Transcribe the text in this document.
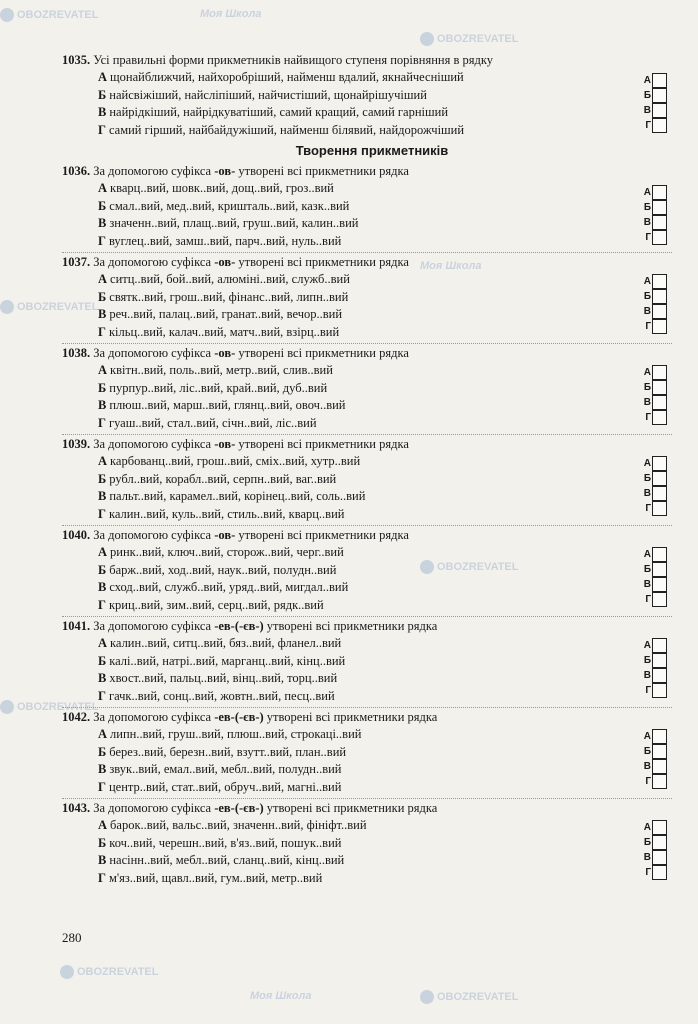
OBOZREVATEL	Моя Школа
OBOZREVATEL
OBOZREVATEL
Моя Школа
OBOZREVATEL
OBOZREVATEL
OBOZREVATEL
Моя Школа	OBOZREVATEL
1035. Усі правильні форми прикметників найвищого ступеня порівняння в рядку
А
Б
В
Г
А щонайближчий, найхоробріший, найменш вдалий, якнайчесніший
Б найсвіжіший, найсліпіший, найчистіший, щонайрішучіший
В найрідкіший, найрідкуватіший, самий кращий, самий гарніший
Г самий гірший, найбайдужіший, найменш білявий, найдорожчіший
Творення прикметників
1036. За допомогою суфікса -ов- утворені всі прикметники рядка
А
Б
В
Г
А кварц..вий, шовк..вий, дощ..вий, гроз..вий
Б смал..вий, мед..вий, кришталь..вий, казк..вий
В значенн..вий, плащ..вий, груш..вий, калин..вий
Г вуглец..вий, замш..вий, парч..вий, нуль..вий
1037. За допомогою суфікса -ов- утворені всі прикметники рядка
А
Б
В
Г
А ситц..вий, бой..вий, алюміні..вий, служб..вий
Б святк..вий, грош..вий, фінанс..вий, липн..вий
В реч..вий, палац..вий, гранат..вий, вечор..вий
Г кільц..вий, калач..вий, матч..вий, взірц..вий
1038. За допомогою суфікса -ов- утворені всі прикметники рядка
А
Б
В
Г
А квітн..вий, поль..вий, метр..вий, слив..вий
Б пурпур..вий, ліс..вий, край..вий, дуб..вий
В плюш..вий, марш..вий, глянц..вий, овоч..вий
Г гуаш..вий, стал..вий, січн..вий, ліс..вий
1039. За допомогою суфікса -ов- утворені всі прикметники рядка
А
Б
В
Г
А карбованц..вий, грош..вий, сміх..вий, хутр..вий
Б рубл..вий, корабл..вий, серпн..вий, ваг..вий
В пальт..вий, карамел..вий, корінец..вий, соль..вий
Г калин..вий, куль..вий, стиль..вий, кварц..вий
1040. За допомогою суфікса -ов- утворені всі прикметники рядка
А
Б
В
Г
А ринк..вий, ключ..вий, сторож..вий, черг..вий
Б барж..вий, ход..вий, наук..вий, полудн..вий
В сход..вий, служб..вий, уряд..вий, мигдал..вий
Г криц..вий, зим..вий, серц..вий, рядк..вий
1041. За допомогою суфікса -ев-(-єв-) утворені всі прикметники рядка
А
Б
В
Г
А калин..вий, ситц..вий, бяз..вий, фланел..вий
Б калі..вий, натрі..вий, марганц..вий, кінц..вий
В хвост..вий, пальц..вий, вінц..вий, торц..вий
Г гачк..вий, сонц..вий, жовтн..вий, песц..вий
1042. За допомогою суфікса -ев-(-єв-) утворені всі прикметники рядка
А
Б
В
Г
А липн..вий, груш..вий, плюш..вий, строкаці..вий
Б берез..вий, березн..вий, взутт..вий, план..вий
В звук..вий, емал..вий, мебл..вий, полудн..вий
Г центр..вий, стат..вий, обруч..вий, магні..вий
1043. За допомогою суфікса -ев-(-єв-) утворені всі прикметники рядка
А
Б
В
Г
А барок..вий, вальс..вий, значенн..вий, фініфт..вий
Б коч..вий, черешн..вий, в'яз..вий, пошук..вий
В насінн..вий, мебл..вий, сланц..вий, кінц..вий
Г м'яз..вий, щавл..вий, гум..вий, метр..вий
280
